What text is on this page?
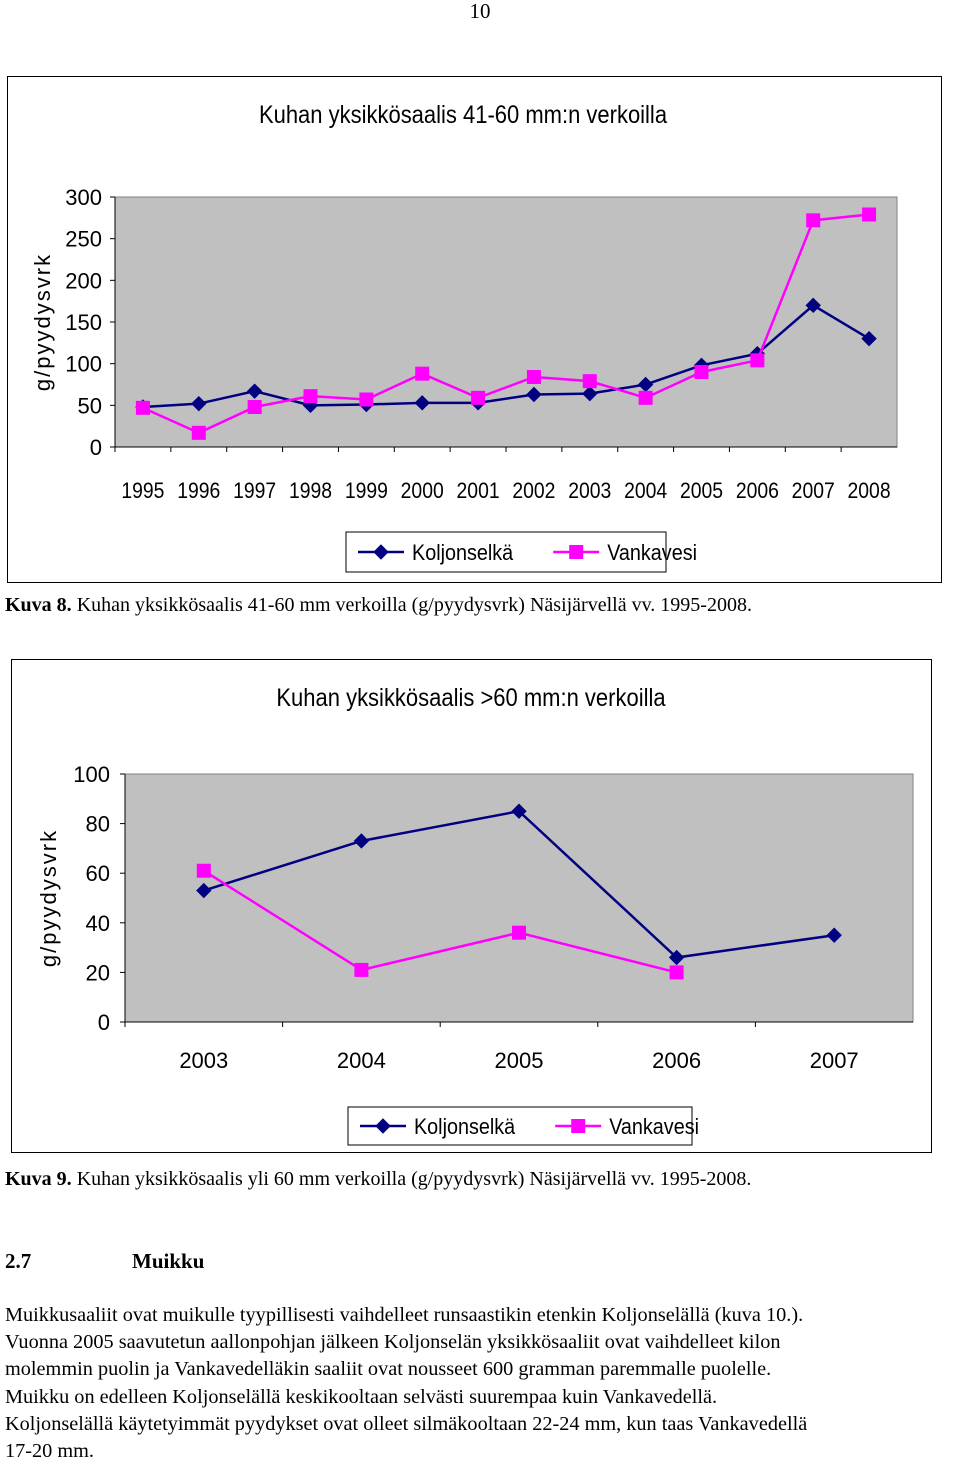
10
Kuhan yksikkösaalis 41-60 mm:n verkoilla
0
50
100
150
200
250
300
1995 1996 1997 1998 1999 2000 2001 2002 2003 2004 2005 2006 2007 2008
g/pyydysvrk
Koljonselkä	Vankavesi
Kuva 8. Kuhan yksikkösaalis 41-60 mm verkoilla (g/pyydysvrk) Näsijärvellä vv. 1995-2008.
Kuhan yksikkösaalis >60 mm:n verkoilla
0
20
40
60
80
100
2003	2004	2005	2006	2007
g/pyydysvrk
Koljonselkä	Vankavesi
Kuva 9. Kuhan yksikkösaalis yli 60 mm verkoilla (g/pyydysvrk) Näsijärvellä vv. 1995-2008.
2.7	Muikku

Muikkusaaliit ovat muikulle tyypillisesti vaihdelleet runsaastikin etenkin Koljonselällä (kuva 10.).

Vuonna 2005 saavutetun aallonpohjan jälkeen Koljonselän yksikkösaaliit ovat vaihdelleet kilon

molemmin puolin ja Vankavedelläkin saaliit ovat nousseet 600 gramman paremmalle puolelle.

Muikku on edelleen Koljonselällä keskikooltaan selvästi suurempaa kuin Vankavedellä.

Koljonselällä käytetyimmät pyydykset ovat olleet silmäkooltaan 22-24 mm, kun taas Vankavedellä

17-20 mm.
